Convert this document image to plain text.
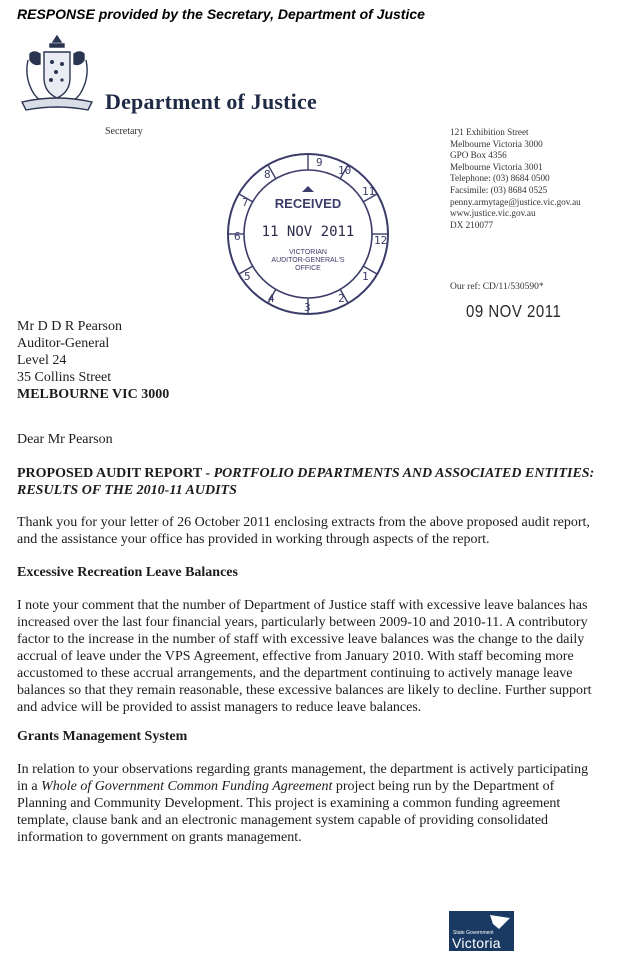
RESPONSE provided by the Secretary, Department of Justice
Department of Justice
Secretary	121 Exhibition Street
Melbourne Victoria 3000
GPO Box 4356
Melbourne Victoria 3001
Telephone: (03) 8684 0500
Facsimile: (03) 8684 0525
penny.armytage@justice.vic.gov.au
www.justice.vic.gov.au
DX 210077
9
10
11
12
1
2
3
4
5
6
7
8
RECEIVED
11 NOV 2011
VICTORIAN
AUDITOR-GENERAL'S
OFFICE
Our ref: CD/11/530590*
09 NOV 2011
Mr D D R Pearson
Auditor-General
Level 24
35 Collins Street
MELBOURNE VIC 3000
Dear Mr Pearson
PROPOSED AUDIT REPORT - PORTFOLIO DEPARTMENTS AND ASSOCIATED ENTITIES:
RESULTS OF THE 2010-11 AUDITS

Thank you for your letter of 26 October 2011 enclosing extracts from the above proposed audit report,
and the assistance your office has provided in working through aspects of the report.

Excessive Recreation Leave Balances

I note your comment that the number of Department of Justice staff with excessive leave balances has
increased over the last four financial years, particularly between 2009-10 and 2010-11. A contributory
factor to the increase in the number of staff with excessive leave balances was the change to the daily
accrual of leave under the VPS Agreement, effective from January 2010. With staff becoming more
accustomed to these accrual arrangements, and the department continuing to actively manage leave
balances so that they remain reasonable, these excessive balances are likely to decline. Further support
and advice will be provided to assist managers to reduce leave balances.

Grants Management System

In relation to your observations regarding grants management, the department is actively participating
in a Whole of Government Common Funding Agreement project being run by the Department of
Planning and Community Development. This project is examining a common funding agreement
template, clause bank and an electronic management system capable of providing consolidated
information to government on grants management.

State Government
Victoria
